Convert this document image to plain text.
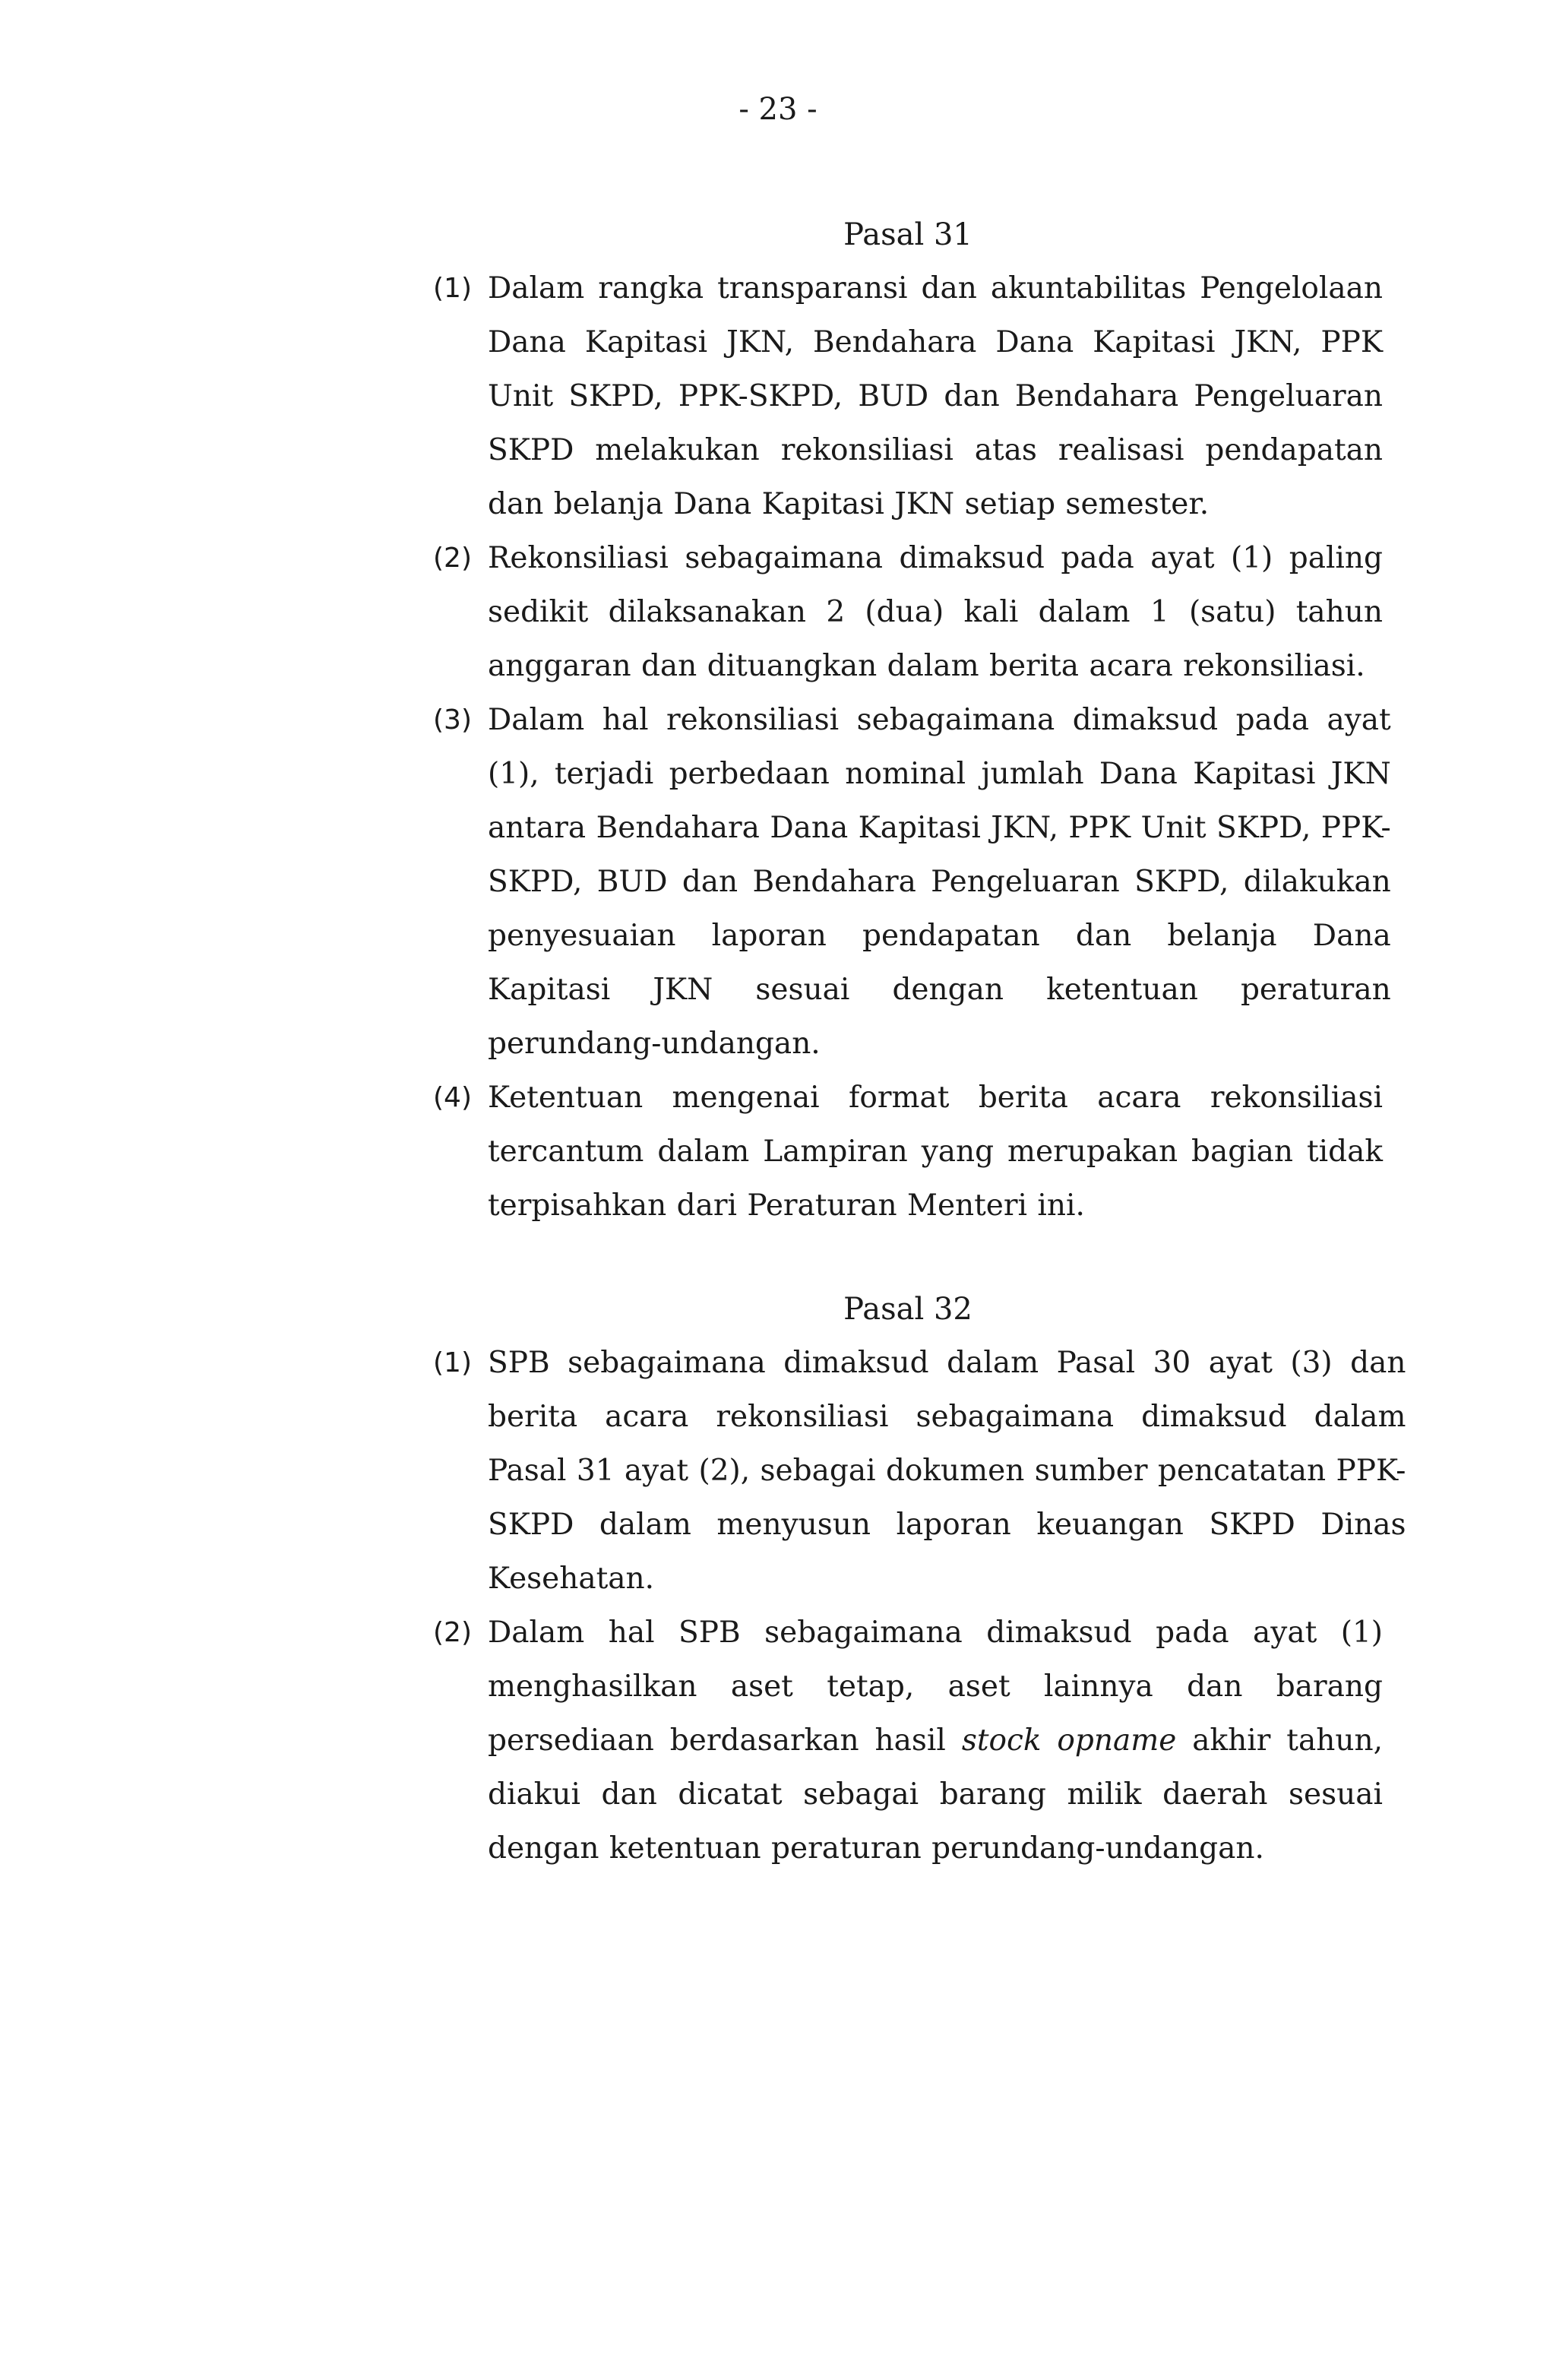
- 23 -
Pasal 31
(1) Dalam rangka transparansi dan akuntabilitas Pengelolaan
Dana Kapitasi JKN, Bendahara Dana Kapitasi JKN, PPK
Unit SKPD, PPK-SKPD, BUD dan Bendahara Pengeluaran
SKPD melakukan rekonsiliasi atas realisasi pendapatan
dan belanja Dana Kapitasi JKN setiap semester.
(2) Rekonsiliasi sebagaimana dimaksud pada ayat (1) paling
sedikit dilaksanakan 2 (dua) kali dalam 1 (satu) tahun
anggaran dan dituangkan dalam berita acara rekonsiliasi.
(3) Dalam hal rekonsiliasi sebagaimana dimaksud pada ayat
(1), terjadi perbedaan nominal jumlah Dana Kapitasi JKN
antara Bendahara Dana Kapitasi JKN, PPK Unit SKPD, PPK-
SKPD, BUD dan Bendahara Pengeluaran SKPD, dilakukan
penyesuaian laporan pendapatan dan belanja Dana
Kapitasi JKN sesuai dengan ketentuan peraturan
perundang-undangan.
(4) Ketentuan mengenai format berita acara rekonsiliasi
tercantum dalam Lampiran yang merupakan bagian tidak
terpisahkan dari Peraturan Menteri ini.
Pasal 32
(1) SPB sebagaimana dimaksud dalam Pasal 30 ayat (3) dan
berita acara rekonsiliasi sebagaimana dimaksud dalam
Pasal 31 ayat (2), sebagai dokumen sumber pencatatan PPK-
SKPD dalam menyusun laporan keuangan SKPD Dinas
Kesehatan.
(2) Dalam hal SPB sebagaimana dimaksud pada ayat (1)
menghasilkan aset tetap, aset lainnya dan barang
persediaan berdasarkan hasil stock opname akhir tahun,
diakui dan dicatat sebagai barang milik daerah sesuai
dengan ketentuan peraturan perundang-undangan.
